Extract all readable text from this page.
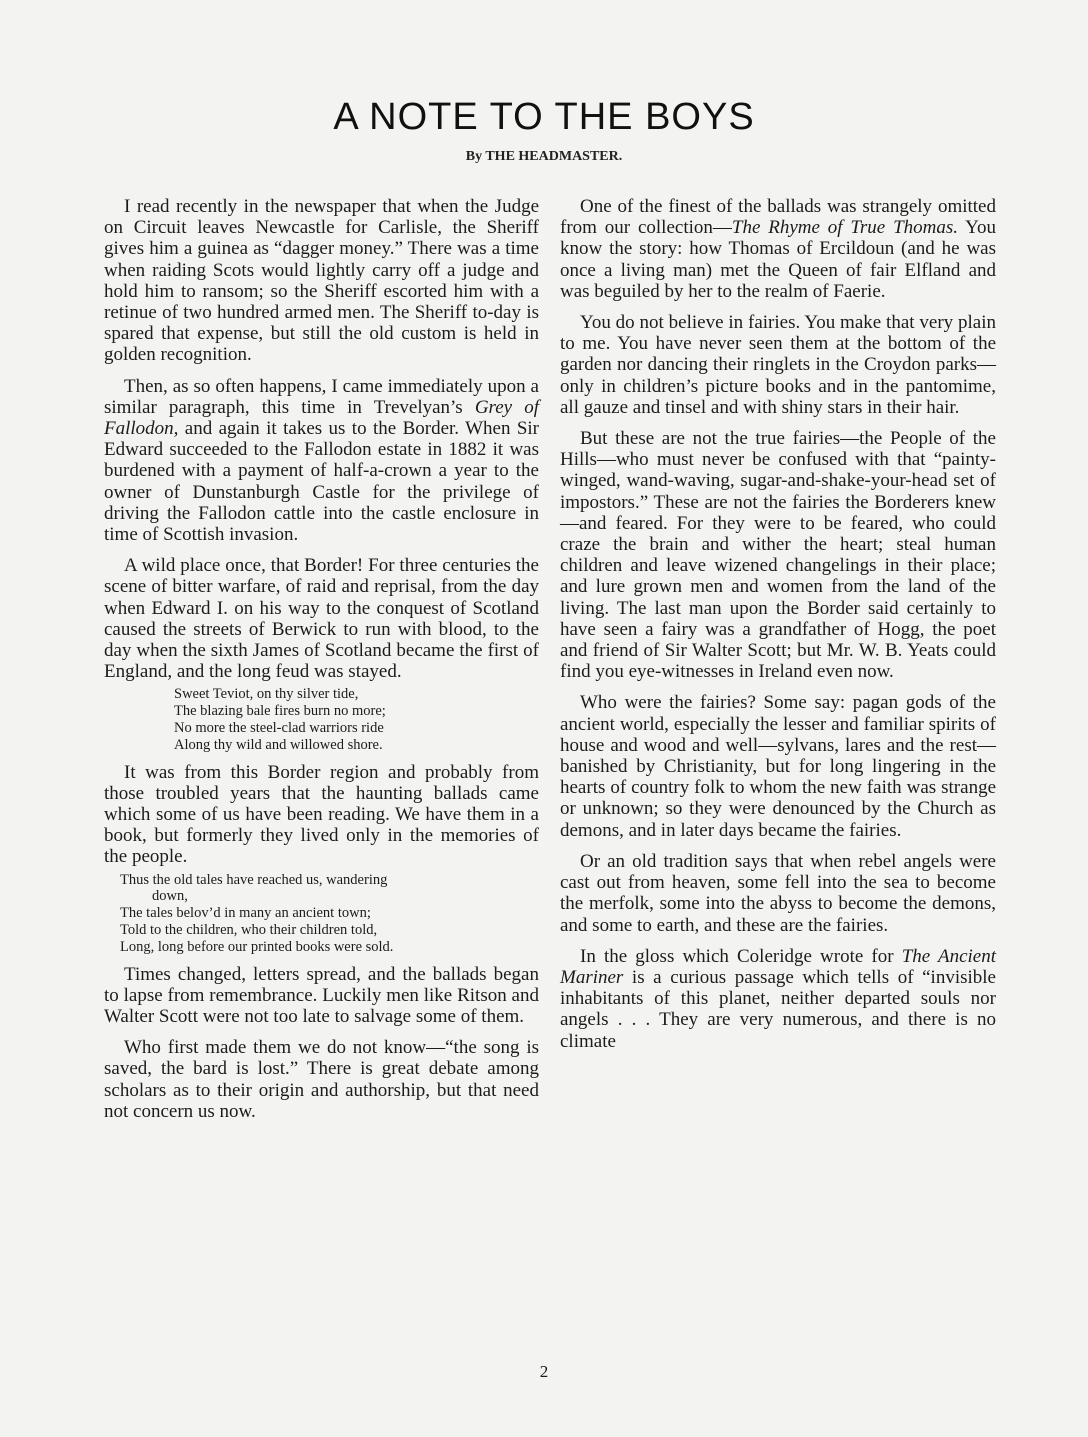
A NOTE TO THE BOYS
By THE HEADMASTER.

I read recently in the newspaper that when the Judge on Circuit leaves Newcastle for Carlisle, the Sheriff gives him a guinea as “dagger money.” There was a time when raiding Scots would lightly carry off a judge and hold him to ransom; so the Sheriff escorted him with a retinue of two hundred armed men. The Sheriff to-day is spared that expense, but still the old custom is held in golden recognition.

Then, as so often happens, I came immediately upon a similar paragraph, this time in Trevelyan’s Grey of Fallodon, and again it takes us to the Border. When Sir Edward succeeded to the Fallodon estate in 1882 it was burdened with a payment of half-a-crown a year to the owner of Dunstanburgh Castle for the privilege of driving the Fallodon cattle into the castle enclosure in time of Scottish invasion.

A wild place once, that Border! For three centuries the scene of bitter warfare, of raid and reprisal, from the day when Edward I. on his way to the conquest of Scotland caused the streets of Berwick to run with blood, to the day when the sixth James of Scotland became the first of England, and the long feud was stayed.

Sweet Teviot, on thy silver tide,
The blazing bale fires burn no more;
No more the steel-clad warriors ride
Along thy wild and willowed shore.

It was from this Border region and probably from those troubled years that the haunting ballads came which some of us have been reading. We have them in a book, but formerly they lived only in the memories of the people.

Thus the old tales have reached us, wandering
down,
The tales belov’d in many an ancient town;
Told to the children, who their children told,
Long, long before our printed books were sold.

Times changed, letters spread, and the ballads began to lapse from remembrance. Luckily men like Ritson and Walter Scott were not too late to salvage some of them.

Who first made them we do not know—“the song is saved, the bard is lost.” There is great debate among scholars as to their origin and authorship, but that need not concern us now.

One of the finest of the ballads was strangely omitted from our collection—The Rhyme of True Thomas. You know the story: how Thomas of Ercildoun (and he was once a living man) met the Queen of fair Elfland and was beguiled by her to the realm of Faerie.

You do not believe in fairies. You make that very plain to me. You have never seen them at the bottom of the garden nor dancing their ringlets in the Croydon parks—only in children’s picture books and in the pantomime, all gauze and tinsel and with shiny stars in their hair.

But these are not the true fairies—the People of the Hills—who must never be confused with that “painty-winged, wand-waving, sugar-and-shake-your-head set of impostors.” These are not the fairies the Borderers knew—and feared. For they were to be feared, who could craze the brain and wither the heart; steal human children and leave wizened changelings in their place; and lure grown men and women from the land of the living. The last man upon the Border said certainly to have seen a fairy was a grandfather of Hogg, the poet and friend of Sir Walter Scott; but Mr. W. B. Yeats could find you eye-witnesses in Ireland even now.

Who were the fairies? Some say: pagan gods of the ancient world, especially the lesser and familiar spirits of house and wood and well—sylvans, lares and the rest—banished by Christianity, but for long lingering in the hearts of country folk to whom the new faith was strange or unknown; so they were denounced by the Church as demons, and in later days became the fairies.

Or an old tradition says that when rebel angels were cast out from heaven, some fell into the sea to become the merfolk, some into the abyss to become the demons, and some to earth, and these are the fairies.

In the gloss which Coleridge wrote for The Ancient Mariner is a curious passage which tells of “invisible inhabitants of this planet, neither departed souls nor angels . . . They are very numerous, and there is no climate

2
